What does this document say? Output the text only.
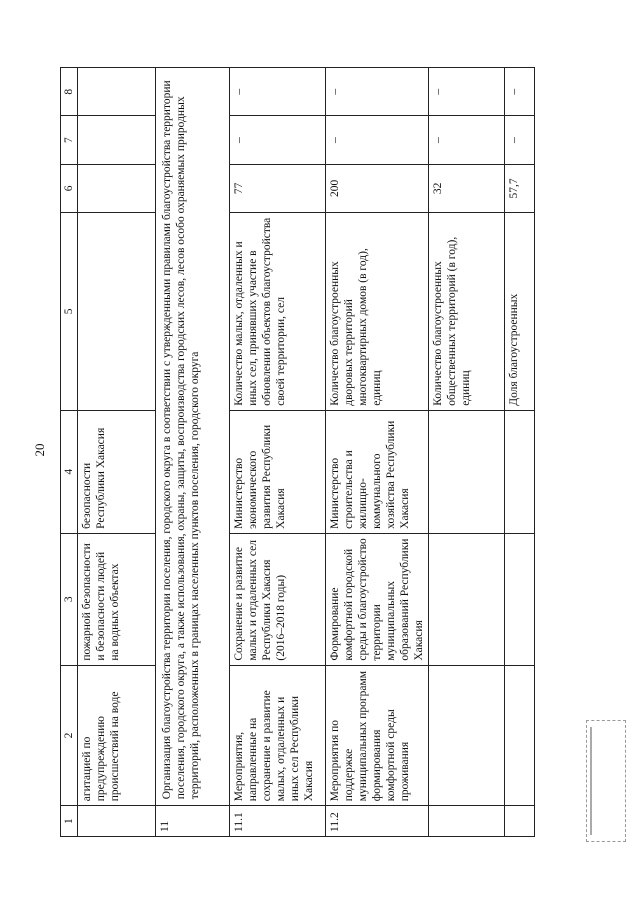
20
1	2	3	4	5	6	7	8
	агитацией по предупреждению происшествий на воде	пожарной безопасности и безопасности людей на водных объектах	безопасности Республики Хакасия				
11	Организация благоустройства территории поселения, городского округа в соответствии с утвержденными правилами благоустройства территории поселения, городского округа, а также использования, охраны, защиты, воспроизводства городских лесов, лесов особо охраняемых природных территорий, расположенных в границах населенных пунктов поселения, городского округа						
11.1	Мероприятия, направленные на сохранение и развитие малых, отдаленных и иных сел Республики Хакасия	Сохранение и развитие малых и отдаленных сел Республики Хакасия (2016–2018 годы)	Министерство экономического развития Республики Хакасия	Количество малых, отдаленных и иных сел, принявших участие в обновлении объектов благоустройства своей территории, сел	77	–	–
11.2	Мероприятия по поддержке муниципальных программ формирования комфортной среды проживания	Формирование комфортной городской среды и благоустройство территории муниципальных образований Республики Хакасия	Министерство строительства и жилищно-коммунального хозяйства Республики Хакасия	Количество благоустроенных дворовых территорий многоквартирных домов (в год), единиц	200	–	–
				Количество благоустроенных общественных территорий (в год), единиц	32	–	–
				Доля благоустроенных	57,7	–	–
